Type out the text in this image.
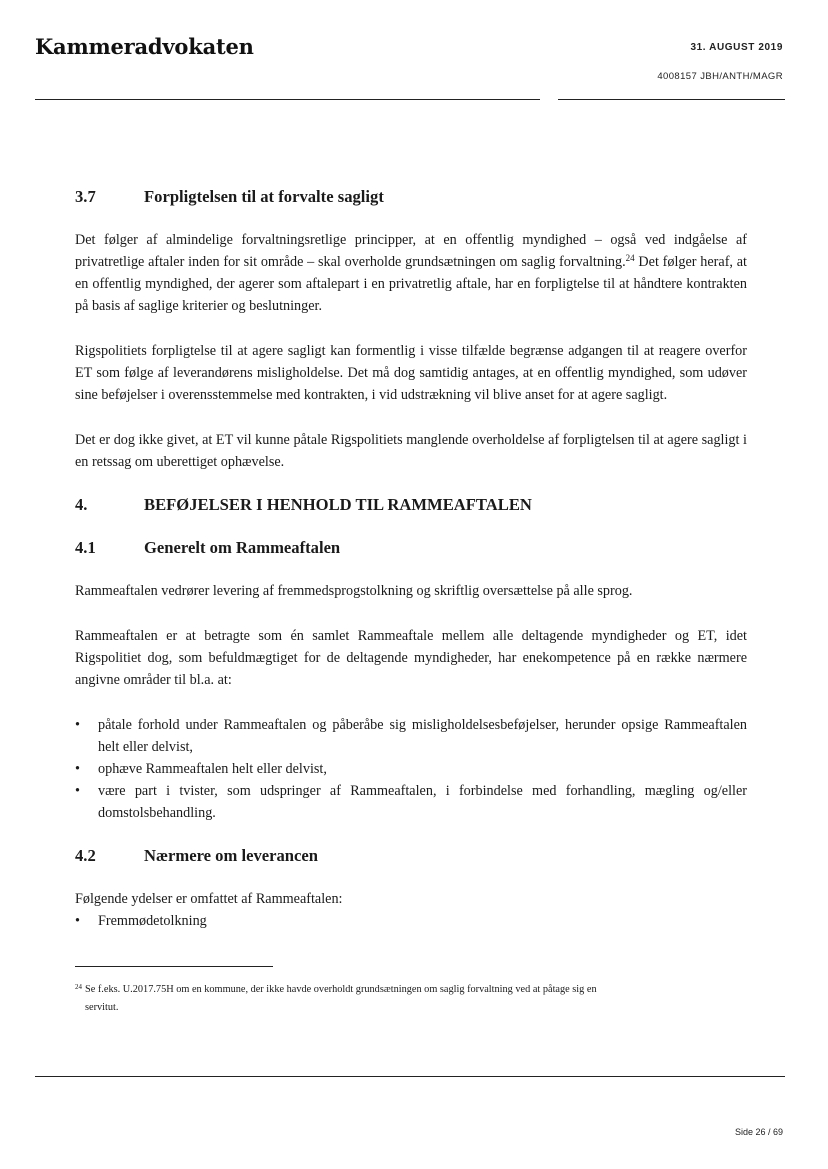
Kammeradvokaten	31. AUGUST 2019
4008157 JBH/ANTH/MAGR
3.7	Forpligtelsen til at forvalte sagligt

Det følger af almindelige forvaltningsretlige principper, at en offentlig myndighed – også ved indgåelse af privatretlige aftaler inden for sit område – skal overholde grundsætningen om saglig forvaltning.$^{24}$ Det følger heraf, at en offentlig myndighed, der agerer som aftalepart i en privatretlig aftale, har en forpligtelse til at håndtere kontrakten på basis af saglige kriterier og beslutninger.

Rigspolitiets forpligtelse til at agere sagligt kan formentlig i visse tilfælde begrænse adgangen til at reagere overfor ET som følge af leverandørens misligholdelse. Det må dog samtidig antages, at en offentlig myndighed, som udøver sine beføjelser i overensstemmelse med kontrakten, i vid udstrækning vil blive anset for at agere sagligt.

Det er dog ikke givet, at ET vil kunne påtale Rigspolitiets manglende overholdelse af forpligtelsen til at agere sagligt i en retssag om uberettiget ophævelse.

4.	BEFØJELSER I HENHOLD TIL RAMMEAFTALEN
4.1	Generelt om Rammeaftalen

Rammeaftalen vedrører levering af fremmedsprogstolkning og skriftlig oversættelse på alle sprog.

Rammeaftalen er at betragte som én samlet Rammeaftale mellem alle deltagende myndigheder og ET, idet Rigspolitiet dog, som befuldmægtiget for de deltagende myndigheder, har enekompetence på en række nærmere angivne områder til bl.a. at:

• påtale forhold under Rammeaftalen og påberåbe sig misligholdelsesbeføjelser, herunder opsige Rammeaftalen helt eller delvist,
• ophæve Rammeaftalen helt eller delvist,
• være part i tvister, som udspringer af Rammeaftalen, i forbindelse med forhandling, mægling og/eller domstolsbehandling.
4.2	Nærmere om leverancen

Følgende ydelser er omfattet af Rammeaftalen:

• Fremmødetolkning
$^{24}$ Se f.eks. U.2017.75H om en kommune, der ikke havde overholdt grundsætningen om saglig forvaltning ved at påtage sig en
servitut.
Side 26 / 69
